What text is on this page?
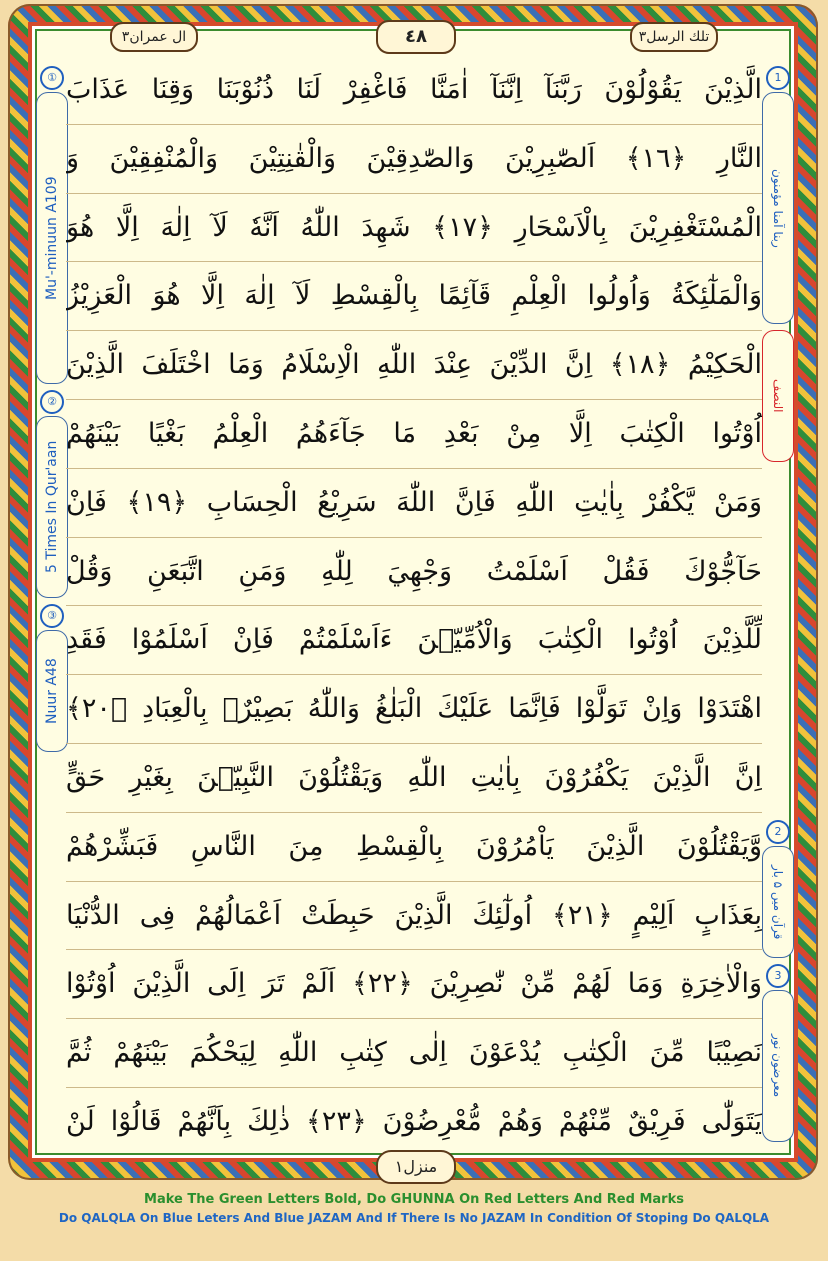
ال عمران٣	٤٨	تلك الرسل٣
①
Mu'-minuun A109
②
5 Times In Qur'aan
③
Nuur A48
1
ربنا آمنا مؤمنون
النصف
2
قرآن میں ۵ بار
3
معرضون نور
الَّذِيْنَ يَقُوْلُوْنَ رَبَّنَآ اِنَّنَآ اٰمَنَّا فَاغْفِرْ لَنَا ذُنُوْبَنَا وَقِنَا عَذَابَ
النَّارِ ﴿١٦﴾ اَلصّٰبِرِيْنَ وَالصّٰدِقِيْنَ وَالْقٰنِتِيْنَ وَالْمُنْفِقِيْنَ وَ
الْمُسْتَغْفِرِيْنَ بِالْاَسْحَارِ ﴿١٧﴾ شَهِدَ اللّٰهُ اَنَّهٗ لَآ اِلٰهَ اِلَّا هُوَ
وَالْمَلٰٓئِكَةُ وَاُولُوا الْعِلْمِ قَآئِمًا بِالْقِسْطِ لَآ اِلٰهَ اِلَّا هُوَ الْعَزِيْزُ
الْحَكِيْمُ ﴿١٨﴾ اِنَّ الدِّيْنَ عِنْدَ اللّٰهِ الْاِسْلَامُ وَمَا اخْتَلَفَ الَّذِيْنَ
اُوْتُوا الْكِتٰبَ اِلَّا مِنْ بَعْدِ مَا جَآءَهُمُ الْعِلْمُ بَغْيًا بَيْنَهُمْ
وَمَنْ يَّكْفُرْ بِاٰيٰتِ اللّٰهِ فَاِنَّ اللّٰهَ سَرِيْعُ الْحِسَابِ ﴿١٩﴾ فَاِنْ
حَآجُّوْكَ فَقُلْ اَسْلَمْتُ وَجْهِيَ لِلّٰهِ وَمَنِ اتَّبَعَنِ وَقُلْ
لِّلَّذِيْنَ اُوْتُوا الْكِتٰبَ وَالْاُمِّيّٖنَ ءَاَسْلَمْتُمْ فَاِنْ اَسْلَمُوْا فَقَدِ
اهْتَدَوْا وَاِنْ تَوَلَّوْا فَاِنَّمَا عَلَيْكَ الْبَلٰغُ وَاللّٰهُ بَصِيْرٌۢ بِالْعِبَادِ ﴿٢٠﴾
اِنَّ الَّذِيْنَ يَكْفُرُوْنَ بِاٰيٰتِ اللّٰهِ وَيَقْتُلُوْنَ النَّبِيّٖنَ بِغَيْرِ حَقٍّ
وَّيَقْتُلُوْنَ الَّذِيْنَ يَاْمُرُوْنَ بِالْقِسْطِ مِنَ النَّاسِ فَبَشِّرْهُمْ
بِعَذَابٍ اَلِيْمٍ ﴿٢١﴾ اُولٰٓئِكَ الَّذِيْنَ حَبِطَتْ اَعْمَالُهُمْ فِى الدُّنْيَا
وَالْاٰخِرَةِ وَمَا لَهُمْ مِّنْ نّٰصِرِيْنَ ﴿٢٢﴾ اَلَمْ تَرَ اِلَى الَّذِيْنَ اُوْتُوْا
نَصِيْبًا مِّنَ الْكِتٰبِ يُدْعَوْنَ اِلٰى كِتٰبِ اللّٰهِ لِيَحْكُمَ بَيْنَهُمْ ثُمَّ
يَتَوَلّٰى فَرِيْقٌ مِّنْهُمْ وَهُمْ مُّعْرِضُوْنَ ﴿٢٣﴾ ذٰلِكَ بِاَنَّهُمْ قَالُوْا لَنْ
منزل١
Make The Green Letters Bold, Do GHUNNA On Red Letters And Red Marks
Do QALQLA On Blue Leters And Blue JAZAM And If There Is No JAZAM In Condition Of Stoping Do QALQLA
